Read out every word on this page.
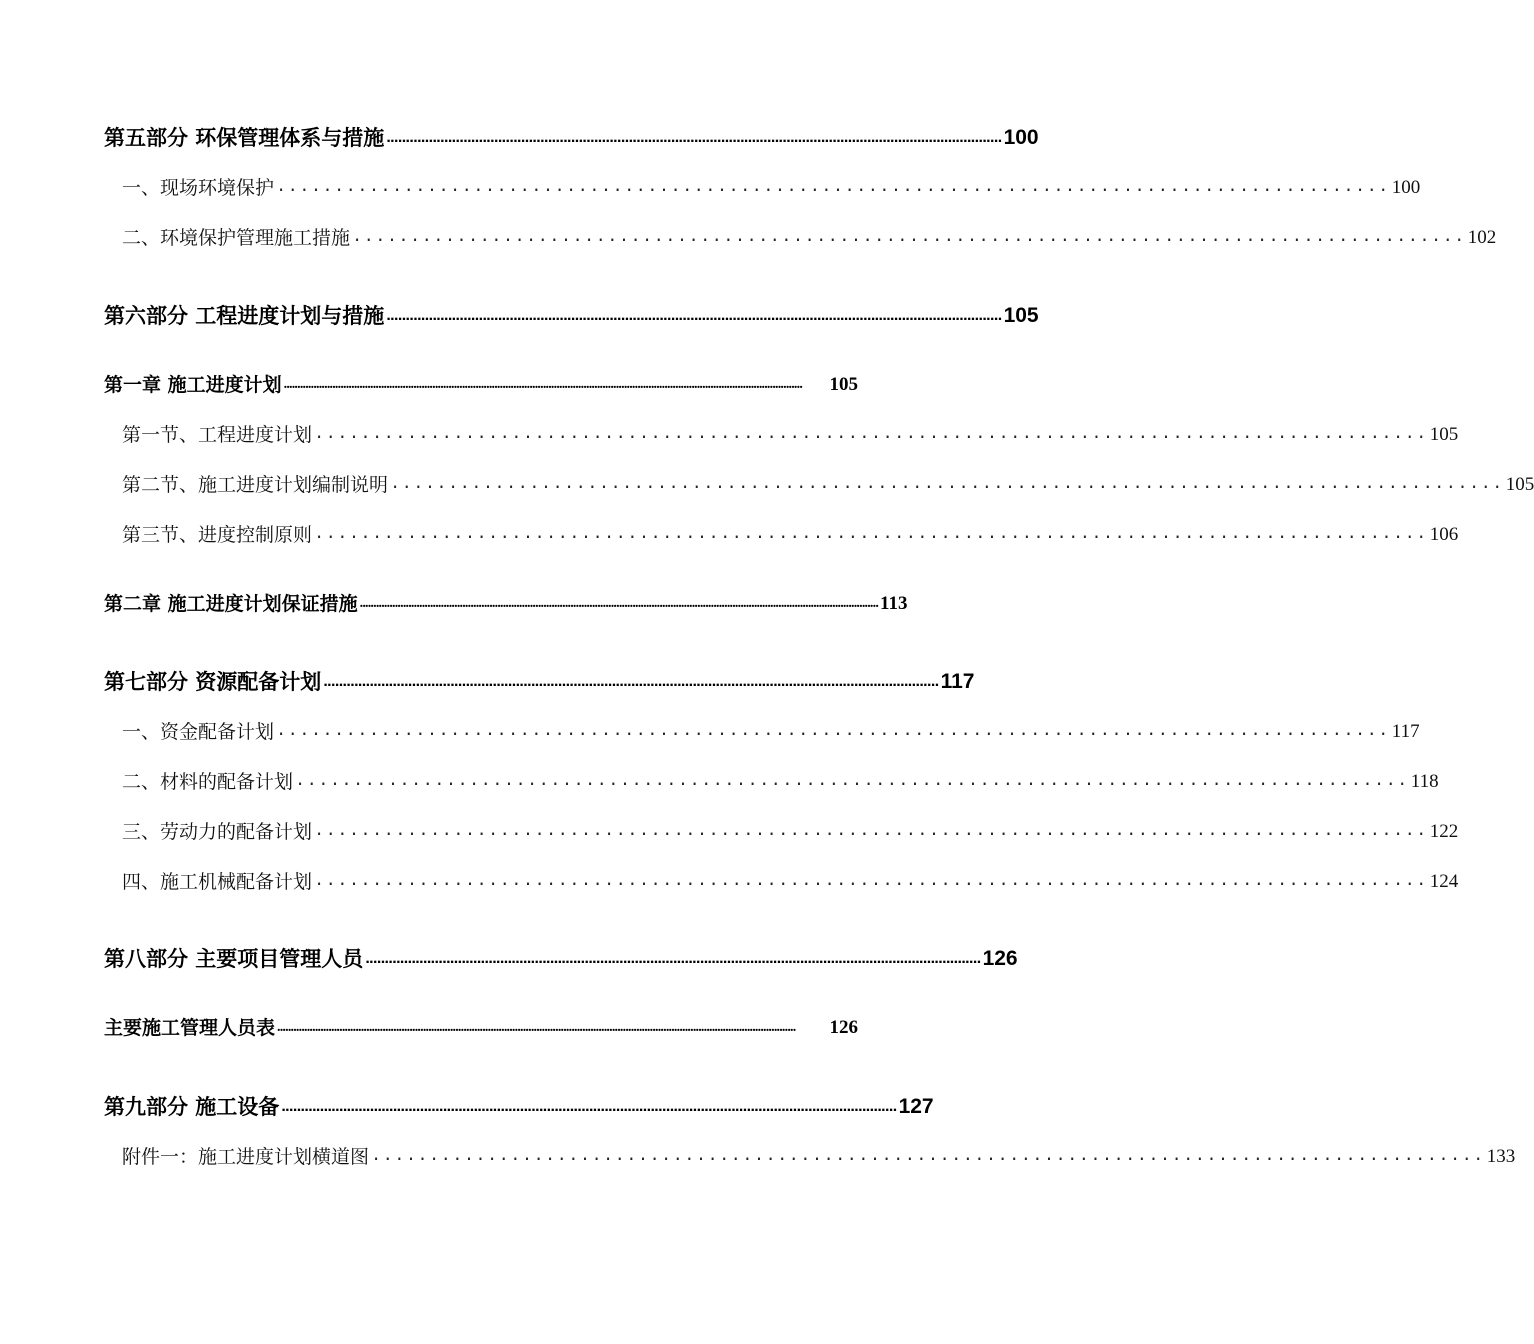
第五部分 环保管理体系与措施 ................................................................................................................................................................ 100
一、现场环境保护 ................................................................................................ 100
二、环境保护管理施工措施 ................................................................................................ 102
第六部分 工程进度计划与措施 ................................................................................................................................................................ 105
第一章 施工进度计划 ................................................................................................................................................................................................	105
第一节、工程进度计划 ................................................................................................ 105
第二节、施工进度计划编制说明 ................................................................................................ 105
第三节、进度控制原则 ................................................................................................ 106
第二章 施工进度计划保证措施 ................................................................................................................................................................................................ 113
第七部分 资源配备计划 ................................................................................................................................................................ 117
一、资金配备计划 ................................................................................................ 117
二、材料的配备计划 ................................................................................................ 118
三、劳动力的配备计划 ................................................................................................ 122
四、施工机械配备计划 ................................................................................................ 124
第八部分 主要项目管理人员 ................................................................................................................................................................ 126
主要施工管理人员表 ................................................................................................................................................................................................	126
第九部分 施工设备 ................................................................................................................................................................ 127
附件一：施工进度计划横道图 ................................................................................................ 133
